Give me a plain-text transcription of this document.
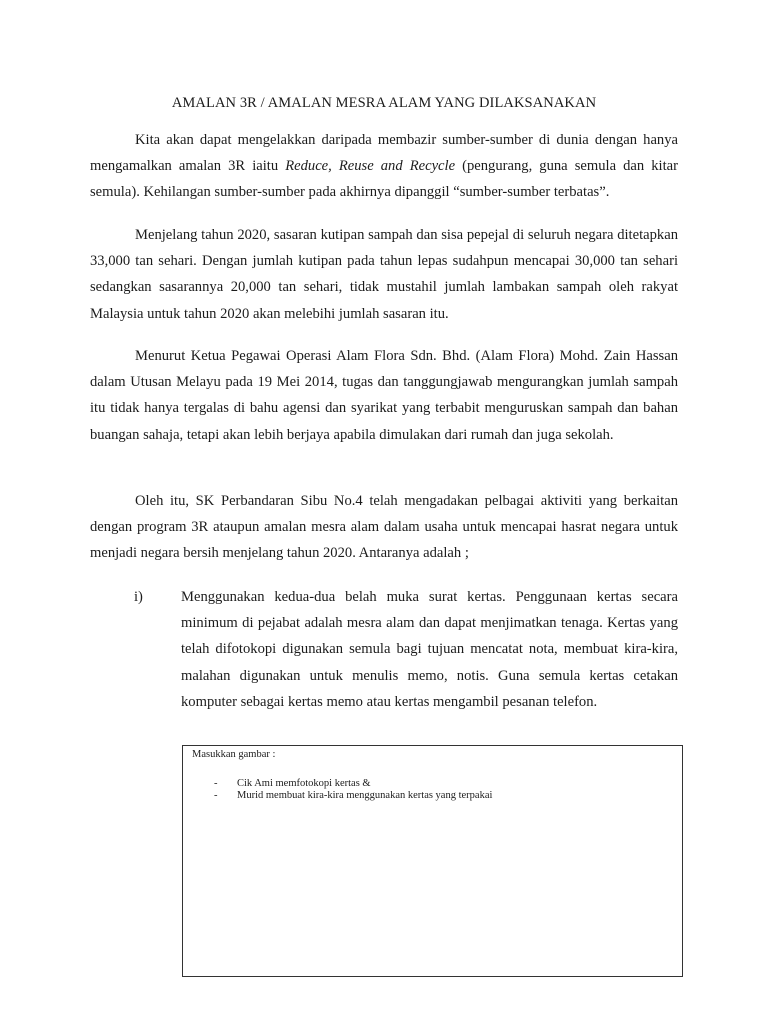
AMALAN 3R / AMALAN MESRA ALAM YANG DILAKSANAKAN

Kita akan dapat mengelakkan daripada membazir sumber-sumber di dunia dengan hanya mengamalkan amalan 3R iaitu Reduce, Reuse and Recycle (pengurang, guna semula dan kitar semula). Kehilangan sumber-sumber pada akhirnya dipanggil “sumber-sumber terbatas”.

Menjelang tahun 2020, sasaran kutipan sampah dan sisa pepejal di seluruh negara ditetapkan 33,000 tan sehari. Dengan jumlah kutipan pada tahun lepas sudahpun mencapai 30,000 tan sehari sedangkan sasarannya 20,000 tan sehari, tidak mustahil jumlah lambakan sampah oleh rakyat Malaysia untuk tahun 2020 akan melebihi jumlah sasaran itu.

Menurut Ketua Pegawai Operasi Alam Flora Sdn. Bhd. (Alam Flora) Mohd. Zain Hassan dalam Utusan Melayu pada 19 Mei 2014, tugas dan tanggungjawab mengurangkan jumlah sampah itu tidak hanya tergalas di bahu agensi dan syarikat yang terbabit menguruskan sampah dan bahan buangan sahaja, tetapi akan lebih berjaya apabila dimulakan dari rumah dan juga sekolah.

Oleh itu, SK Perbandaran Sibu No.4 telah mengadakan pelbagai aktiviti yang berkaitan dengan program 3R ataupun amalan mesra alam dalam usaha untuk mencapai hasrat negara untuk menjadi negara bersih menjelang tahun 2020. Antaranya adalah ;

i)	Menggunakan kedua-dua belah muka surat kertas. Penggunaan kertas secara minimum di pejabat adalah mesra alam dan dapat menjimatkan tenaga. Kertas yang telah difotokopi digunakan semula bagi tujuan mencatat nota, membuat kira-kira, malahan digunakan untuk menulis memo, notis. Guna semula kertas cetakan komputer sebagai kertas memo atau kertas mengambil pesanan telefon.

Masukkan gambar :
- Cik Ami memfotokopi kertas &
- Murid membuat kira-kira menggunakan kertas yang terpakai
